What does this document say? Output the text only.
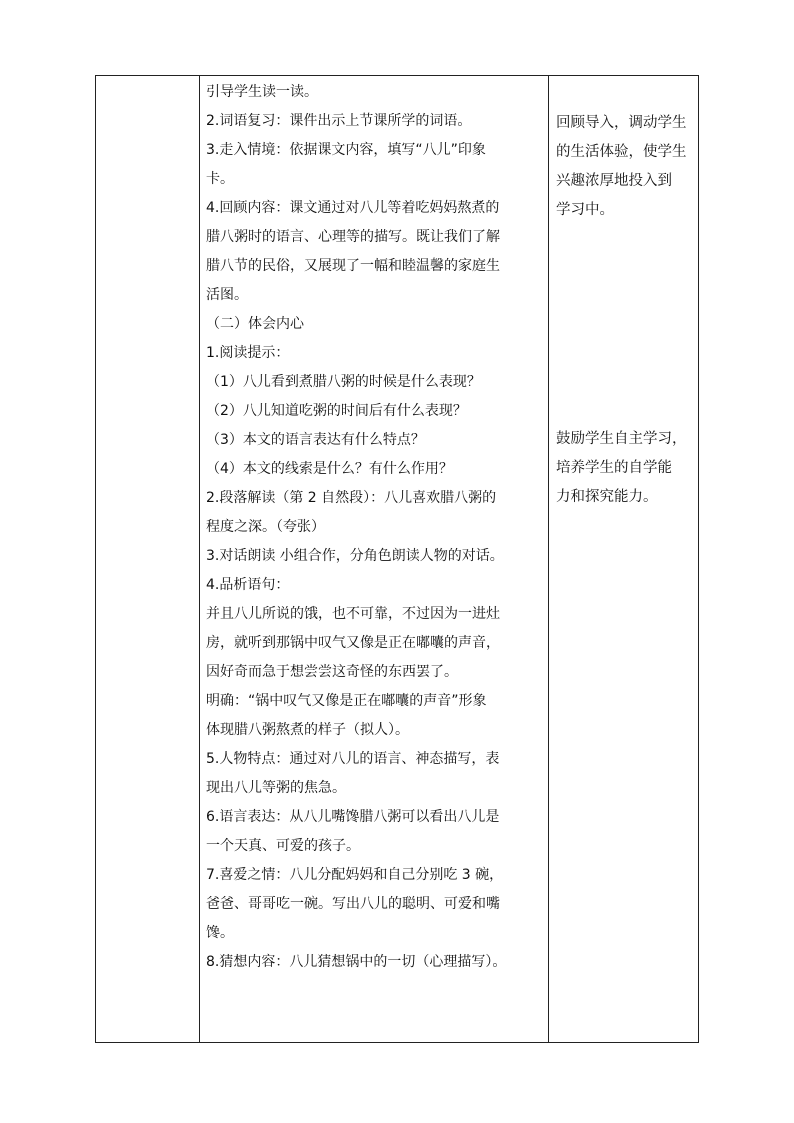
引导学生读一读。
2.词语复习：课件出示上节课所学的词语。
3.走入情境：依据课文内容，填写“八儿”印象
卡。
4.回顾内容：课文通过对八儿等着吃妈妈熬煮的
腊八粥时的语言、心理等的描写。既让我们了解
腊八节的民俗，又展现了一幅和睦温馨的家庭生
活图。
（二）体会内心
1.阅读提示：
（1）八儿看到煮腊八粥的时候是什么表现？
（2）八儿知道吃粥的时间后有什么表现？
（3）本文的语言表达有什么特点？
（4）本文的线索是什么？有什么作用？
2.段落解读（第 2 自然段）：八儿喜欢腊八粥的
程度之深。（夸张）
3.对话朗读 小组合作，分角色朗读人物的对话。
4.品析语句：
并且八儿所说的饿，也不可靠，不过因为一进灶
房，就听到那锅中叹气又像是正在嘟囔的声音，
因好奇而急于想尝尝这奇怪的东西罢了。
明确：“锅中叹气又像是正在嘟囔的声音”形象
体现腊八粥熬煮的样子（拟人）。
5.人物特点：通过对八儿的语言、神态描写，表
现出八儿等粥的焦急。
6.语言表达：从八儿嘴馋腊八粥可以看出八儿是
一个天真、可爱的孩子。
7.喜爱之情：八儿分配妈妈和自己分别吃 3 碗，
爸爸、哥哥吃一碗。写出八儿的聪明、可爱和嘴
馋。
8.猜想内容：八儿猜想锅中的一切（心理描写）。
回顾导入，调动学生
的生活体验，使学生
兴趣浓厚地投入到
学习中。
鼓励学生自主学习，
培养学生的自学能
力和探究能力。
